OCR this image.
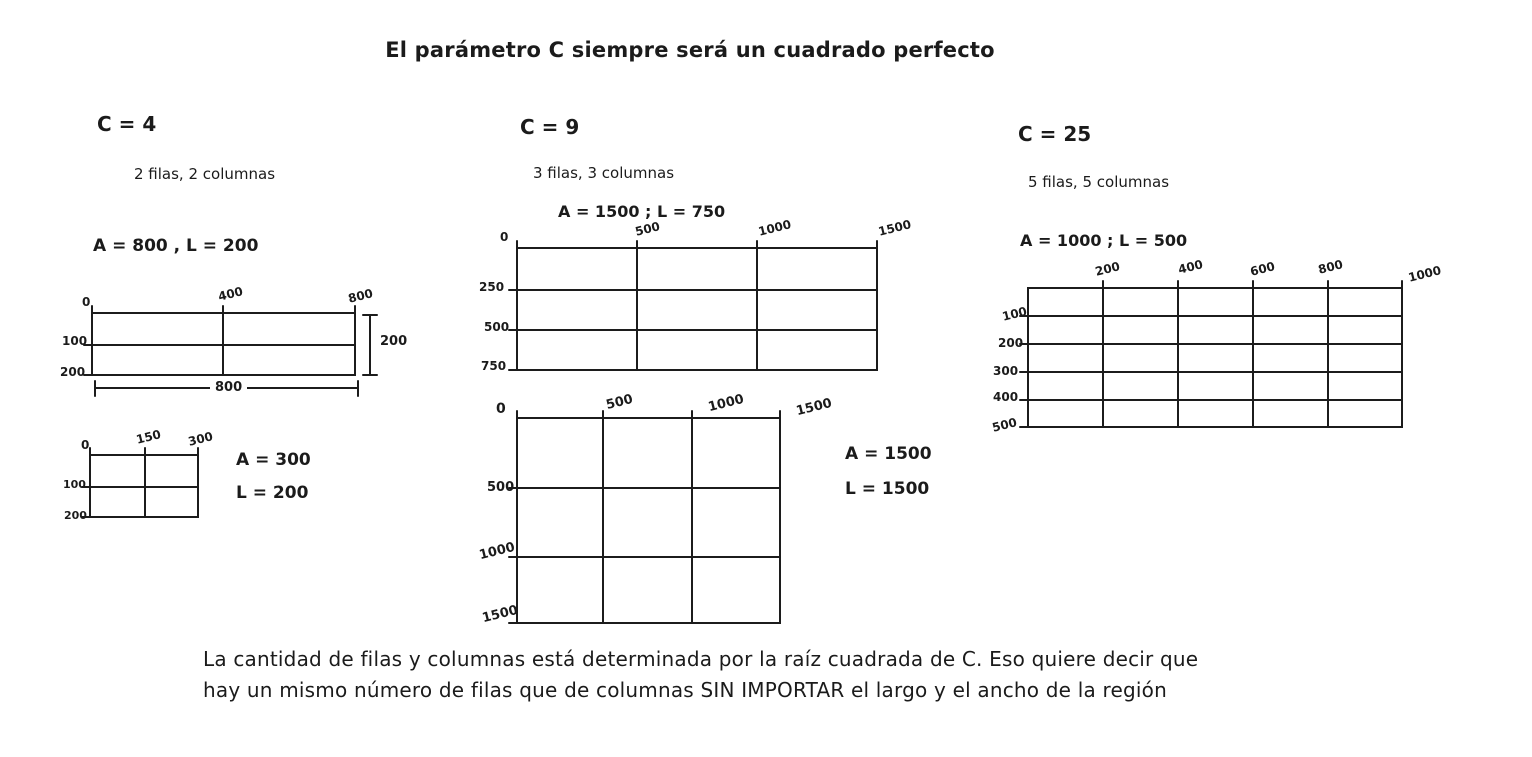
El parámetro C siempre será un cuadrado perfecto
C = 4
2 filas, 2 columnas
A = 800 , L = 200
0	400	800
100
200
800
200
0	150 300
100
200
A = 300
L = 200
C = 9
3 filas, 3 columnas
A = 1500 ; L = 750
0	500	1000	1500
250
500
750
0	500	1000	1500
500
1000
1500
A = 1500
L = 1500
C = 25
5 filas, 5 columnas
A = 1000 ; L = 500
200	400	600	800	1000
100
200
300
400
500
La cantidad de filas y columnas está determinada por la raíz cuadrada de C. Eso quiere decir que
hay un mismo número de filas que de columnas SIN IMPORTAR el largo y el ancho de la región
